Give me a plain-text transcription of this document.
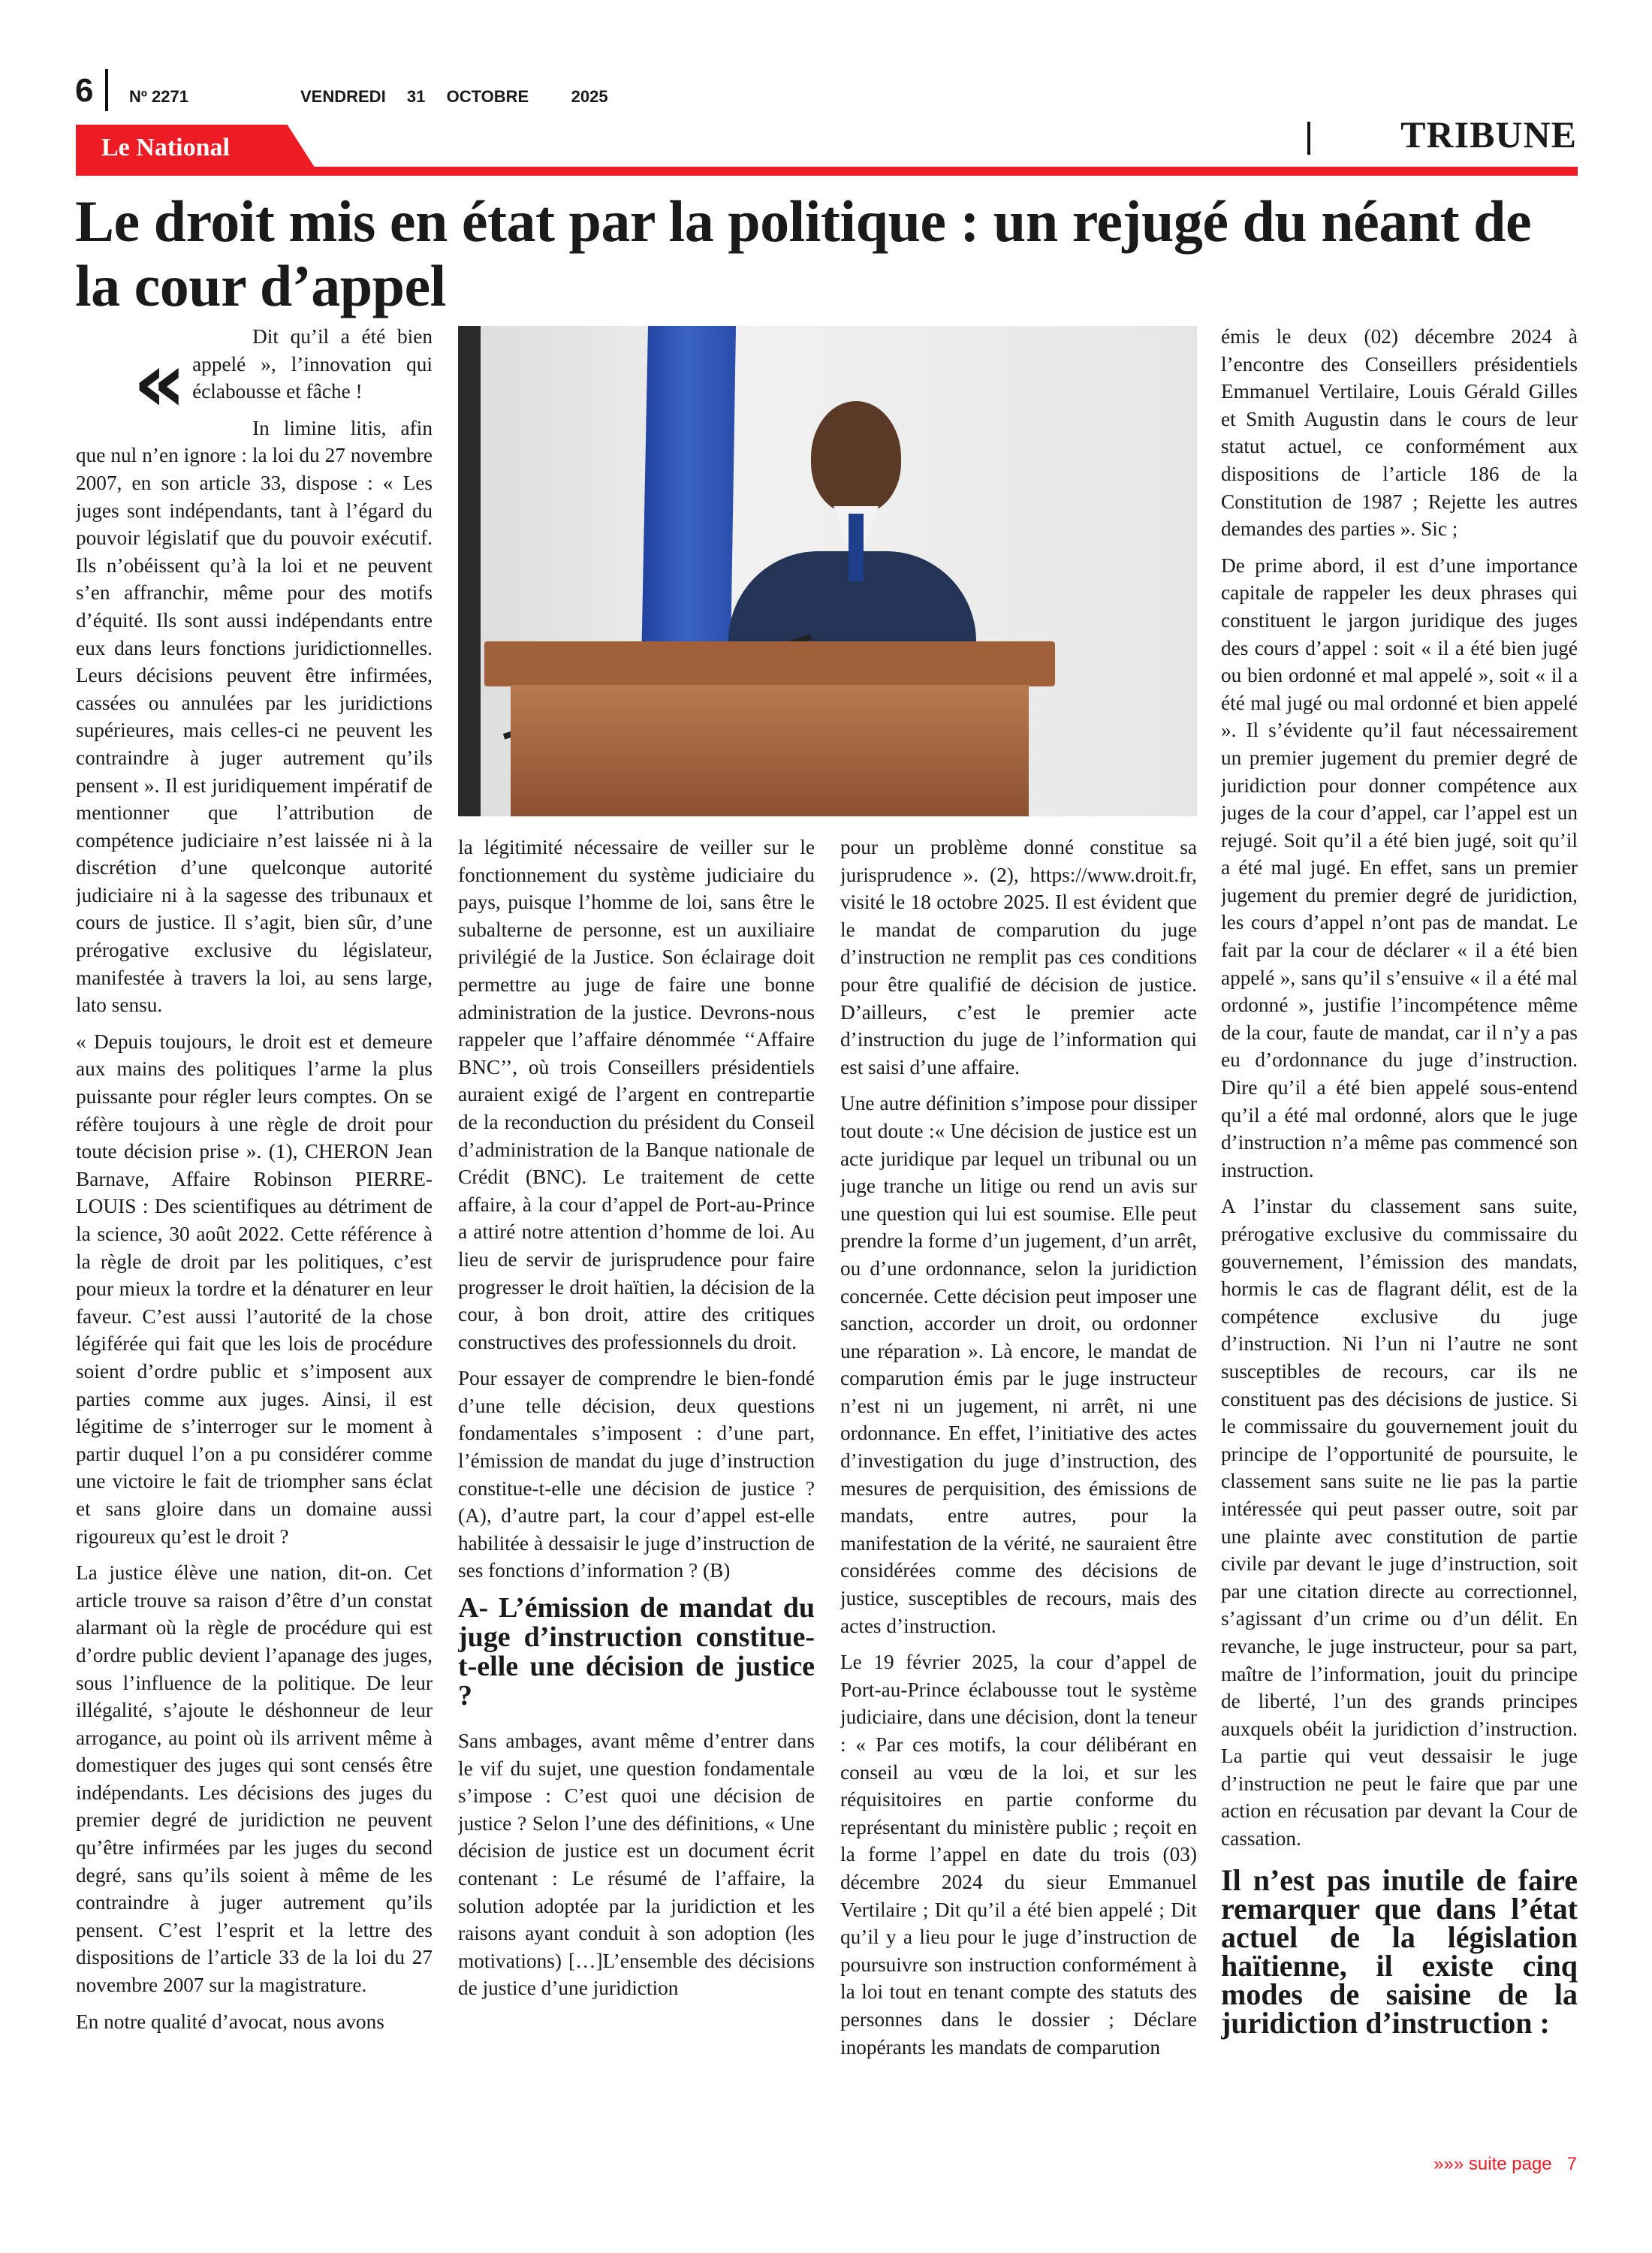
6 Nº 2271	VENDREDI  31  OCTOBRE    2025
Le National	TRIBUNE
Le droit mis en état par la politique : un rejugé du néant de la cour d’appel

«	Dit qu’il a été bien appelé », l’innovation qui éclabousse et fâche !

In limine litis, afin que nul n’en ignore : la loi du 27 novembre 2007, en son article 33, dispose : « Les juges sont indépendants, tant à l’égard du pouvoir législatif que du pouvoir exécutif. Ils n’obéissent qu’à la loi et ne peuvent s’en affranchir, même pour des motifs d’équité. Ils sont aussi indépendants entre eux dans leurs fonctions juridictionnelles. Leurs décisions peuvent être infirmées, cassées ou annulées par les juridictions supérieures, mais celles-ci ne peuvent les contraindre à juger autrement qu’ils pensent ». Il est juridiquement impératif de mentionner que l’attribution de compétence judiciaire n’est laissée ni à la discrétion d’une quelconque autorité judiciaire ni à la sagesse des tribunaux et cours de justice. Il s’agit, bien sûr, d’une prérogative exclusive du législateur, manifestée à travers la loi, au sens large, lato sensu.

« Depuis toujours, le droit est et demeure aux mains des politiques l’arme la plus puissante pour régler leurs comptes. On se réfère toujours à une règle de droit pour toute décision prise ». (1), CHERON Jean Barnave, Affaire Robinson PIERRE-LOUIS : Des scientifiques au détriment de la science, 30 août 2022. Cette référence à la règle de droit par les politiques, c’est pour mieux la tordre et la dénaturer en leur faveur. C’est aussi l’autorité de la chose légiférée qui fait que les lois de procédure soient d’ordre public et s’imposent aux parties comme aux juges. Ainsi, il est légitime de s’interroger sur le moment à partir duquel l’on a pu considérer comme une victoire le fait de triompher sans éclat et sans gloire dans un domaine aussi rigoureux qu’est le droit ?

La justice élève une nation, dit-on. Cet article trouve sa raison d’être d’un constat alarmant où la règle de procédure qui est d’ordre public devient l’apanage des juges, sous l’influence de la politique. De leur illégalité, s’ajoute le déshonneur de leur arrogance, au point où ils arrivent même à domestiquer des juges qui sont censés être indépendants. Les décisions des juges du premier degré de juridiction ne peuvent qu’être infirmées par les juges du second degré, sans qu’ils soient à même de les contraindre à juger autrement qu’ils pensent. C’est l’esprit et la lettre des dispositions de l’article 33 de la loi du 27 novembre 2007 sur la magistrature.

En notre qualité d’avocat, nous avons

la légitimité nécessaire de veiller sur le fonctionnement du système judiciaire du pays, puisque l’homme de loi, sans être le subalterne de personne, est un auxiliaire privilégié de la Justice. Son éclairage doit permettre au juge de faire une bonne administration de la justice. Devrons-nous rappeler que l’affaire dénommée ‘‘Affaire BNC’’, où trois Conseillers présidentiels auraient exigé de l’argent en contrepartie de la reconduction du président du Conseil d’administration de la Banque nationale de Crédit (BNC). Le traitement de cette affaire, à la cour d’appel de Port-au-Prince a attiré notre attention d’homme de loi. Au lieu de servir de jurisprudence pour faire progresser le droit haïtien, la décision de la cour, à bon droit, attire des critiques constructives des professionnels du droit.

Pour essayer de comprendre le bien-fondé d’une telle décision, deux questions fondamentales s’imposent : d’une part, l’émission de mandat du juge d’instruction constitue-t-elle une décision de justice ? (A), d’autre part, la cour d’appel est-elle habilitée à dessaisir le juge d’instruction de ses fonctions d’information ? (B)

A- L’émission de mandat du juge d’instruction constitue-t-elle une décision de justice ?

Sans ambages, avant même d’entrer dans le vif du sujet, une question fondamentale s’impose : C’est quoi une décision de justice ? Selon l’une des définitions, « Une décision de justice est un document écrit contenant : Le résumé de l’affaire, la solution adoptée par la juridiction et les raisons ayant conduit à son adoption (les motivations) […]L’ensemble des décisions de justice d’une juridiction

pour un problème donné constitue sa jurisprudence ». (2), https://www.droit.fr, visité le 18 octobre 2025. Il est évident que le mandat de comparution du juge d’instruction ne remplit pas ces conditions pour être qualifié de décision de justice. D’ailleurs, c’est le premier acte d’instruction du juge de l’information qui est saisi d’une affaire.

Une autre définition s’impose pour dissiper tout doute :« Une décision de justice est un acte juridique par lequel un tribunal ou un juge tranche un litige ou rend un avis sur une question qui lui est soumise. Elle peut prendre la forme d’un jugement, d’un arrêt, ou d’une ordonnance, selon la juridiction concernée. Cette décision peut imposer une sanction, accorder un droit, ou ordonner une réparation ». Là encore, le mandat de comparution émis par le juge instructeur n’est ni un jugement, ni arrêt, ni une ordonnance. En effet, l’initiative des actes d’investigation du juge d’instruction, des mesures de perquisition, des émissions de mandats, entre autres, pour la manifestation de la vérité, ne sauraient être considérées comme des décisions de justice, susceptibles de recours, mais des actes d’instruction.

Le 19 février 2025, la cour d’appel de Port-au-Prince éclabousse tout le système judiciaire, dans une décision, dont la teneur : « Par ces motifs, la cour délibérant en conseil au vœu de la loi, et sur les réquisitoires en partie conforme du représentant du ministère public ; reçoit en la forme l’appel en date du trois (03) décembre 2024 du sieur Emmanuel Vertilaire ; Dit qu’il a été bien appelé ; Dit qu’il y a lieu pour le juge d’instruction de poursuivre son instruction conformément à la loi tout en tenant compte des statuts des personnes dans le dossier ; Déclare inopérants les mandats de comparution

émis le deux (02) décembre 2024 à l’encontre des Conseillers présidentiels Emmanuel Vertilaire, Louis Gérald Gilles et Smith Augustin dans le cours de leur statut actuel, ce conformément aux dispositions de l’article 186 de la Constitution de 1987 ; Rejette les autres demandes des parties ». Sic ;

De prime abord, il est d’une importance capitale de rappeler les deux phrases qui constituent le jargon juridique des juges des cours d’appel : soit « il a été bien jugé ou bien ordonné et mal appelé », soit « il a été mal jugé ou mal ordonné et bien appelé ». Il s’évidente qu’il faut nécessairement un premier jugement du premier degré de juridiction pour donner compétence aux juges de la cour d’appel, car l’appel est un rejugé. Soit qu’il a été bien jugé, soit qu’il a été mal jugé. En effet, sans un premier jugement du premier degré de juridiction, les cours d’appel n’ont pas de mandat. Le fait par la cour de déclarer « il a été bien appelé », sans qu’il s’ensuive « il a été mal ordonné », justifie l’incompétence même de la cour, faute de mandat, car il n’y a pas eu d’ordonnance du juge d’instruction. Dire qu’il a été bien appelé sous-entend qu’il a été mal ordonné, alors que le juge d’instruction n’a même pas commencé son instruction.

A l’instar du classement sans suite, prérogative exclusive du commissaire du gouvernement, l’émission des mandats, hormis le cas de flagrant délit, est de la compétence exclusive du juge d’instruction. Ni l’un ni l’autre ne sont susceptibles de recours, car ils ne constituent pas des décisions de justice. Si le commissaire du gouvernement jouit du principe de l’opportunité de poursuite, le classement sans suite ne lie pas la partie intéressée qui peut passer outre, soit par une plainte avec constitution de partie civile par devant le juge d’instruction, soit par une citation directe au correctionnel, s’agissant d’un crime ou d’un délit. En revanche, le juge instructeur, pour sa part, maître de l’information, jouit du principe de liberté, l’un des grands principes auxquels obéit la juridiction d’instruction. La partie qui veut dessaisir le juge d’instruction ne peut le faire que par une action en récusation par devant la Cour de cassation.

Il n’est pas inutile de faire remarquer que dans l’état actuel de la législation haïtienne, il existe cinq modes de saisine de la juridiction d’instruction :

»»» suite page 7
